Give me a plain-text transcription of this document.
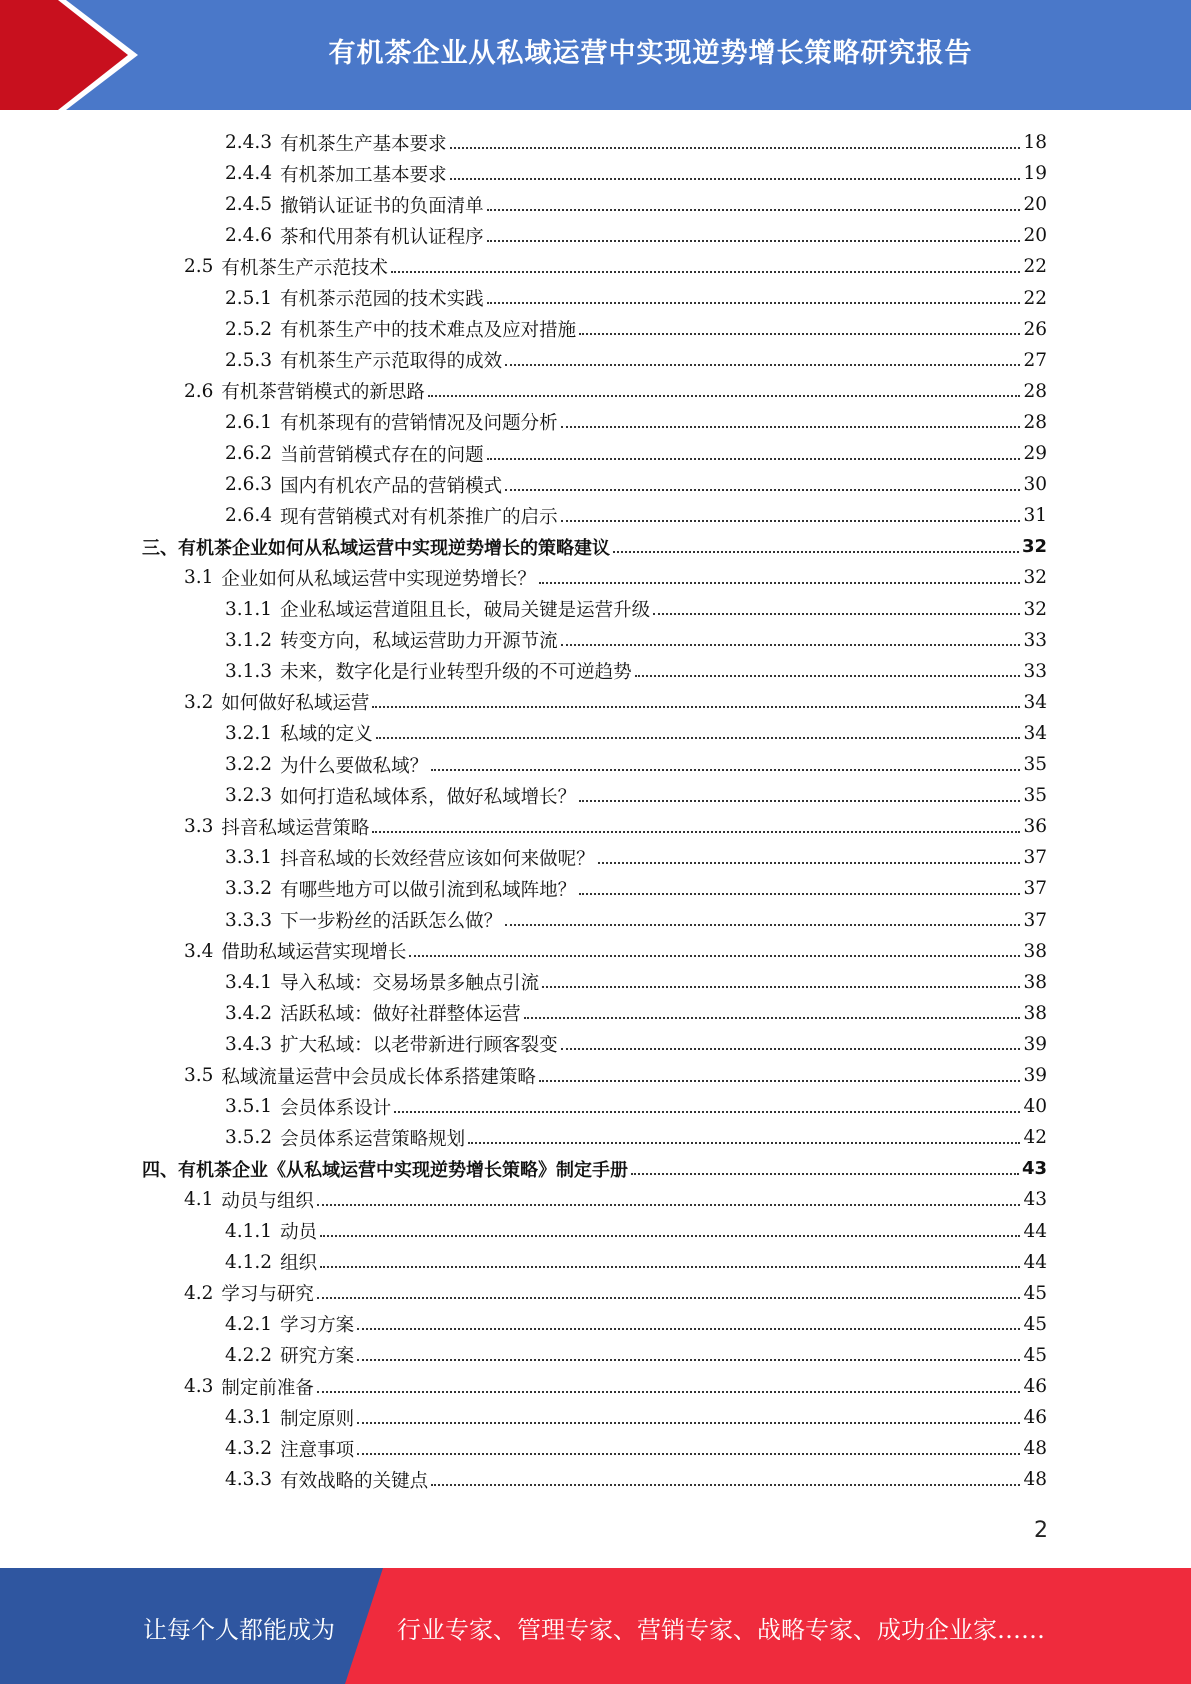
有机茶企业从私域运营中实现逆势增长策略研究报告
2.4.3 有机茶生产基本要求	18
2.4.4 有机茶加工基本要求	19
2.4.5 撤销认证证书的负面清单	20
2.4.6 茶和代用茶有机认证程序	20
2.5 有机茶生产示范技术	22
2.5.1 有机茶示范园的技术实践	22
2.5.2 有机茶生产中的技术难点及应对措施	26
2.5.3 有机茶生产示范取得的成效	27
2.6 有机茶营销模式的新思路	28
2.6.1 有机茶现有的营销情况及问题分析	28
2.6.2 当前营销模式存在的问题	29
2.6.3 国内有机农产品的营销模式	30
2.6.4 现有营销模式对有机茶推广的启示	31
三、有机茶企业如何从私域运营中实现逆势增长的策略建议	32
3.1 企业如何从私域运营中实现逆势增长？	32
3.1.1 企业私域运营道阻且长，破局关键是运营升级	32
3.1.2 转变方向，私域运营助力开源节流	33
3.1.3 未来，数字化是行业转型升级的不可逆趋势	33
3.2 如何做好私域运营	34
3.2.1 私域的定义	34
3.2.2 为什么要做私域？	35
3.2.3 如何打造私域体系，做好私域增长？	35
3.3 抖音私域运营策略	36
3.3.1 抖音私域的长效经营应该如何来做呢？	37
3.3.2 有哪些地方可以做引流到私域阵地？	37
3.3.3 下一步粉丝的活跃怎么做？	37
3.4 借助私域运营实现增长	38
3.4.1 导入私域：交易场景多触点引流	38
3.4.2 活跃私域：做好社群整体运营	38
3.4.3 扩大私域：以老带新进行顾客裂变	39
3.5 私域流量运营中会员成长体系搭建策略	39
3.5.1 会员体系设计	40
3.5.2 会员体系运营策略规划	42
四、有机茶企业《从私域运营中实现逆势增长策略》制定手册	43
4.1 动员与组织	43
4.1.1 动员	44
4.1.2 组织	44
4.2 学习与研究	45
4.2.1 学习方案	45
4.2.2 研究方案	45
4.3 制定前准备	46
4.3.1 制定原则	46
4.3.2 注意事项	48
4.3.3 有效战略的关键点	48
2
让每个人都能成为	行业专家、管理专家、营销专家、战略专家、成功企业家……
